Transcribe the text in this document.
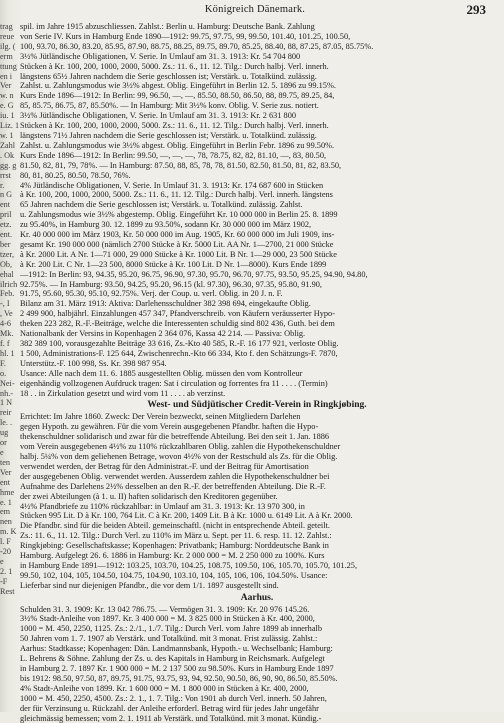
trag
reue
ilg. (
erm
ttung
en i
Ver
w. n
e. G
iu. 1
Liz. 1
w. 1
Zahl
. Ok
gg. g
rrst
r.
n G
ent
pril
etz.
ent.
ber
tzer,
Ob,
ehal
ilrich
Feb.
-, I
, Ve
4-6
Mk.
f. f
hl. 1
F.
o.
Nei-
nh.-
1 N
reir
le. .
ug
or
e
ten
Ver
ent
hme
e. 1
em
nen
m. K
l. F
-20
e
2. 1
-F
Rest
Königreich Dänemark.	293
spil. im Jahre 1915 abzuschliessen. Zahlst.: Berlin u. Hamburg: Deutsche Bank. Zahlung
von Serie IV. Kurs in Hamburg Ende 1890—1912: 99.75, 97.75, 99, 99.50, 101.40, 101.25, 100.50,
100, 93.70, 86.30, 83.20, 85.95, 87.90, 88.75, 88.25, 89.75, 89.70, 85.25, 88.40, 88, 87.25, 87.05, 85.75%.
3½% Jütländische Obligationen, V. Serie. In Umlauf am 31. 3. 1913: Kr. 54 704 800
Stücken à Kr. 100, 200, 1000, 2000, 5000. Zs.: 11. 6., 11. 12. Tilg.: Durch halbj. Verl. innerh.
längstens 65½ Jahren nachdem die Serie geschlossen ist; Verstärk. u. Totalkünd. zulässig.
Zahlst. u. Zahlungsmodus wie 3½% abgest. Oblig. Eingeführt in Berlin 12. 5. 1896 zu 99.15%.
Kurs Ende 1896—1912: In Berlin: 99, 96.50, —, —, 85.50, 88.50, 86.50, 88, 89.75, 89.25, 84,
85, 85.75, 86.75, 87, 85.50%. — In Hamburg: Mit 3½% konv. Oblig. V. Serie zus. notiert.
3½% Jütländische Obligationen, V. Serie. In Umlauf am 31. 3. 1913: Kr. 2 631 800
Stücken à Kr. 100, 200, 1000, 2000, 5000. Zs.: 11. 6., 11. 12. Tilg.: Durch halbj. Verl. innerh.
längstens 71½ Jahren nachdem die Serie geschlossen ist; Verstärk. u. Totalkünd. zulässig.
Zahlst. u. Zahlungsmodus wie 3½% abgest. Oblig. Eingeführt in Berlin Febr. 1896 zu 99.50%.
Kurs Ende 1896—1912: In Berlin: 99.50, —, —, —, 78, 78.75, 82, 82, 81.10, —, 83, 80.50,
81.50, 82, 81, 79, 78%. — In Hamburg: 87.50, 88, 85, 78, 78, 81.50, 82.50, 81.50, 81, 82, 83.50,
80, 81, 80.25, 80.50, 78.50, 76%.
4% Jütländische Obligationen, V. Serie. In Umlauf 31. 3. 1913: Kr. 174 687 600 in Stücken
à Kr. 100, 200, 1000, 2000, 5000. Zs.: 11. 6., 11. 12. Tilg.: Durch halbj. Verl. innerh. längstens
65 Jahren nachdem die Serie geschlossen ist; Verstärk. u. Totalkünd. zulässig. Zahlst.
u. Zahlungsmodus wie 3½% abgestemp. Oblig. Eingeführt Kr. 10 000 000 in Berlin 25. 8. 1899
zu 95.40%, in Hamburg 30. 12. 1899 zu 93.50%, sodann Kr. 30 000 000 im März 1902,
Kr. 40 000 000 im März 1903, Kr. 50 000 000 im Aug. 1905, Kr. 60 000 000 im Juli 1909, ins-
gesamt Kr. 190 000 000 (nämlich 2700 Stücke à Kr. 5000 Lit. AA Nr. 1—2700, 21 000 Stücke
à Kr. 2000 Lit. A Nr. 1—71 000, 29 000 Stücke à Kr. 1000 Lit. B Nr. 1—29 000, 23 500 Stücke
à Kr. 200 Lit. C Nr. 1—23 500, 8000 Stücke à Kr. 100 Lit. D Nr. 1—8000). Kurs Ende 1899
—1912: In Berlin: 93, 94.35, 95.20, 96.75, 96.90, 97.30, 95.70, 96.70, 97.75, 93.50, 95.25, 94.90, 94.80,
92.75%. — In Hamburg: 93.50, 94.25, 95.20, 96.15 (kl. 97.30), 96.30, 97.35, 95.80, 91.90,
91.75, 95.60, 95.30, 95.10, 92.75%. Verj. der Coup. u. verl. Oblig. in 20 J. n. F.
Bilanz am 31. März 1913: Aktiva: Darlehensschuldner 382 398 694, eingekaufte Oblig.
2 499 900, halbjährl. Einzahlungen 457 347, Pfandverschreib. von Käufern veräusserter Hypo-
theken 223 282, R.-F.-Beiträge, welche die Interessenten schuldig sind 802 436, Guth. bei dem
Nationalbank der Versins in Kopenhagen 2 364 076, Kassa 42 214. — Passiva: Oblig.
382 389 100, vorausgezahlte Beiträge 33 616, Zs.-Kto 40 585, R.-F. 16 177 921, verloste Oblig.
1 500, Administrations-F. 125 644, Zwischenrechn.-Kto 66 334, Kto f. den Schätzungs-F. 7870,
Unterstütz.-F. 100 998, Ss. Kr. 398 987 954.
Usance: Alle nach dem 11. 6. 1885 ausgestellten Oblig. müssen den vom Kontrolleur
eigenhändig vollzogenen Aufdruck tragen: Sat i circulation og forrentes fra 11 . . . . (Termin)
18 . . in Zirkulation gesetzt und wird vom 11 . . . . ab verzinst.
West- und Südjütischer Credit-Verein in Ringkjøbing.
Errichtet: Im Jahre 1860. Zweck: Der Verein bezweckt, seinen Mitgliedern Darlehen
gegen Hypoth. zu gewähren. Für die vom Verein ausgegebenen Pfandbr. haften die Hypo-
thekenschuldner solidarisch und zwar für die betreffende Abteilung. Bei den seit 1. Jan. 1886
vom Verein ausgegebenen 4½% zu 110% rückzahlbaren Oblig. zahlen die Hypothekenschuldner
halbj. 5¼% von dem geliehenen Betrage, wovon 4½% von der Restschuld als Zs. für die Oblig.
verwendet werden, der Betrag für den Administrat.-F. und der Beitrag für Amortisation
der ausgegebenen Oblig. verwendet werden. Ausserdem zahlen die Hypothekenschuldner bei
Aufnahme des Darlehens 2½% desselben an den R.-F. der betreffenden Abteilung. Die R.-F.
der zwei Abteilungen (à 1. u. II) haften solidarisch den Kreditoren gegenüber.
4½% Pfandbriefe zu 110% rückzahlbar: in Umlauf am 31. 3. 1913: Kr. 13 970 300, in
Stücken 995 Lit. D à Kr. 100, 764 Lit. C à Kr. 200, 1409 Lit. B à Kr. 1000 u. 6149 Lit. A à Kr. 2000.
Die Pfandbr. sind für die beiden Abteil. gemeinschaftl. (nicht in entsprechende Abteil. geteilt.
Zs.: 11. 6., 11. 12. Tilg.: Durch Verl. zu 110% im März u. Sept. per 11. 6. resp. 11. 12. Zahlst.:
Ringkjøbing: Gesellschaftskasse; Kopenhagen: Privatbank; Hamburg: Norddeutsche Bank in
Hamburg. Aufgelegt 26. 6. 1886 in Hamburg: Kr. 2 000 000 = M. 2 250 000 zu 100%. Kurs
in Hamburg Ende 1891—1912: 103.25, 103.70, 104.25, 108.75, 109.50, 106, 105.70, 105.70, 101.25,
99.50, 102, 104, 105, 104.50, 104.75, 104.90, 103.10, 104, 105, 106, 106, 104.50%. Usance:
Lieferbar sind nur diejenigen Pfandbr., die vor dem 1/1. 1897 ausgestellt sind.
Aarhus.
Schulden 31. 3. 1909: Kr. 13 042 786.75. — Vermögen 31. 3. 1909: Kr. 20 976 145.26.
3½% Stadt-Anleihe von 1897. Kr. 3 400 000 = M. 3 825 000 in Stücken à Kr. 400, 2000,
1000 = M. 450, 2250, 1125. Zs.: 2./1., 1./7. Tilg.: Durch Verl. vom Jahre 1899 ab innerhalb
50 Jahren vom 1. 7. 1907 ab Verstärk. und Totalkünd. mit 3 monat. Frist zulässig. Zahlst.:
Aarhus: Stadtkasse; Kopenhagen: Dän. Landmannsbank, Hypoth.- u. Wechselbank; Hamburg:
L. Behrens & Söhne. Zahlung der Zs. u. des Kapitals in Hamburg in Reichsmark. Aufgelegt
in Hamburg 2. 7. 1897 Kr. 1 900 000 = M. 2 137 500 zu 98.50%. Kurs in Hamburg Ende 1897
bis 1912: 98.50, 97.50, 87, 89.75, 91.75, 93.75, 93, 94, 92.50, 90.50, 86, 90, 90, 86.50, 85.50%.
4% Stadt-Anleihe von 1899. Kr. 1 600 000 = M. 1 800 000 in Stücken à Kr. 400, 2000,
1000 = M. 450, 2250, 4500. Zs.: 2. 1., 1. 7. Tilg.: Von 1901 ab durch Verl. innerh. 50 Jahren,
der für Verzinsung u. Rückzahl. der Anleihe erforderl. Betrag wird für jedes Jahr ungefähr
gleichmässig bemessen; vom 2. 1. 1911 ab Verstärk. und Totalkünd. mit 3 monat. Kündig.-
